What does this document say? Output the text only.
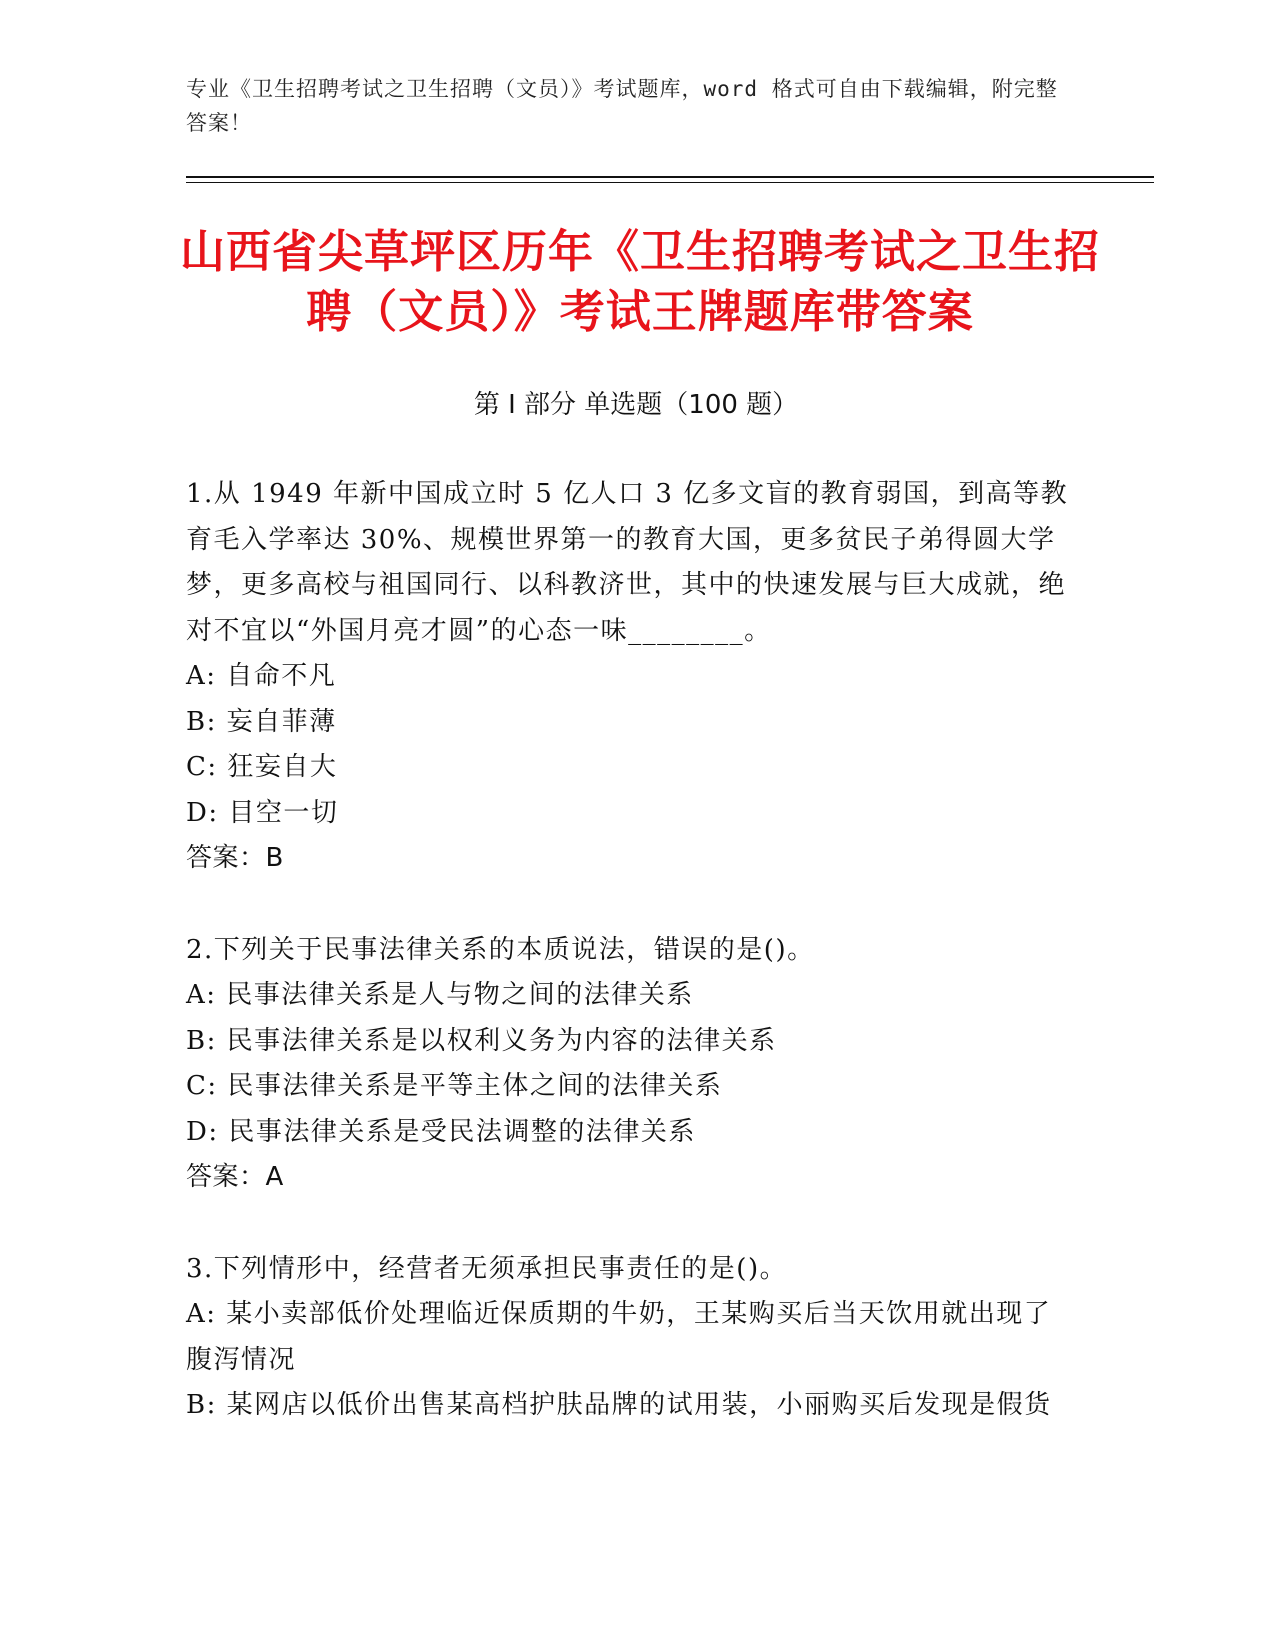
专业《卫生招聘考试之卫生招聘（文员）》考试题库，word 格式可自由下载编辑，附完整答案！
山西省尖草坪区历年《卫生招聘考试之卫生招聘（文员）》考试王牌题库带答案
第 I 部分 单选题（100 题）
1.从 1949 年新中国成立时 5 亿人口 3 亿多文盲的教育弱国，到高等教育毛入学率达 30%、规模世界第一的教育大国，更多贫民子弟得圆大学梦，更多高校与祖国同行、以科教济世，其中的快速发展与巨大成就，绝对不宜以“外国月亮才圆”的心态一味________。
A: 自命不凡
B: 妄自菲薄
C: 狂妄自大
D: 目空一切
答案：B
2.下列关于民事法律关系的本质说法，错误的是()。
A: 民事法律关系是人与物之间的法律关系
B: 民事法律关系是以权利义务为内容的法律关系
C: 民事法律关系是平等主体之间的法律关系
D: 民事法律关系是受民法调整的法律关系
答案：A
3.下列情形中，经营者无须承担民事责任的是()。
A: 某小卖部低价处理临近保质期的牛奶，王某购买后当天饮用就出现了腹泻情况
B: 某网店以低价出售某高档护肤品牌的试用装，小丽购买后发现是假货
